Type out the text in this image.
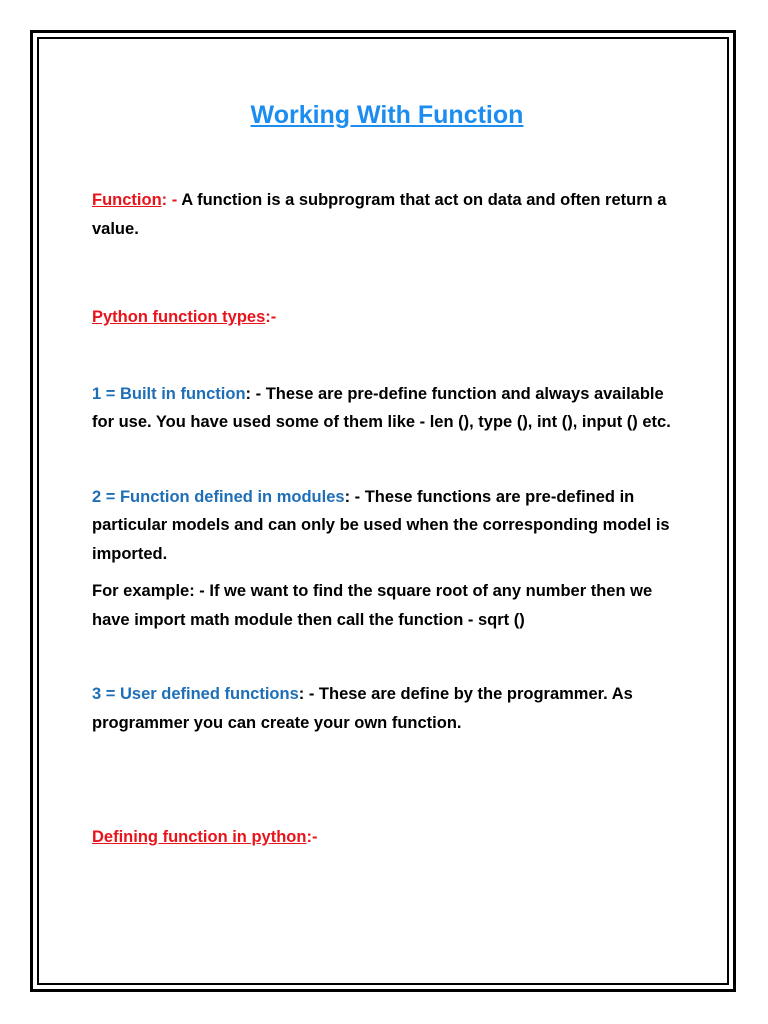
Working With Function

Function: - A function is a subprogram that act on data and often return a value.

Python function types:-

1 = Built in function: - These are pre-define function and always available for use. You have used some of them like - len (), type (), int (), input () etc.

2 = Function defined in modules: - These functions are pre-defined in particular models and can only be used when the corresponding model is imported.

For example: - If we want to find the square root of any number then we have import math module then call the function - sqrt ()

3 = User defined functions: - These are define by the programmer. As programmer you can create your own function.

Defining function in python:-
